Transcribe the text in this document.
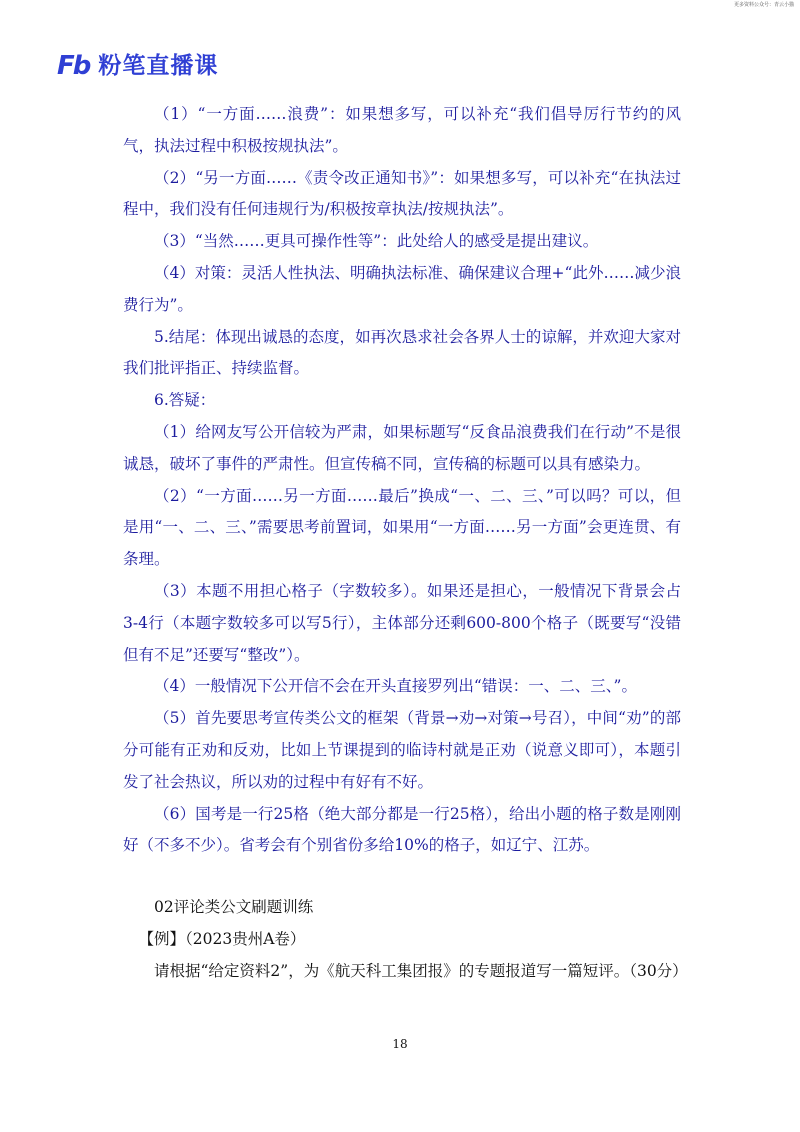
更多资料公众号：青云小猫
Fb 粉笔直播课

（1）“一方面……浪费”：如果想多写，可以补充“我们倡导厉行节约的风气，执法过程中积极按规执法”。

（2）“另一方面……《责令改正通知书》”：如果想多写，可以补充“在执法过程中，我们没有任何违规行为/积极按章执法/按规执法”。

（3）“当然……更具可操作性等”：此处给人的感受是提出建议。

（4）对策：灵活人性执法、明确执法标准、确保建议合理+“此外……减少浪费行为”。

5.结尾：体现出诚恳的态度，如再次恳求社会各界人士的谅解，并欢迎大家对我们批评指正、持续监督。

6.答疑：

（1）给网友写公开信较为严肃，如果标题写“反食品浪费我们在行动”不是很诚恳，破坏了事件的严肃性。但宣传稿不同，宣传稿的标题可以具有感染力。

（2）“一方面……另一方面……最后”换成“一、二、三、”可以吗？可以，但是用“一、二、三、”需要思考前置词，如果用“一方面……另一方面”会更连贯、有条理。

（3）本题不用担心格子（字数较多）。如果还是担心，一般情况下背景会占3-4行（本题字数较多可以写5行），主体部分还剩600-800个格子（既要写“没错但有不足”还要写“整改”）。

（4）一般情况下公开信不会在开头直接罗列出“错误：一、二、三、”。

（5）首先要思考宣传类公文的框架（背景→劝→对策→号召），中间“劝”的部分可能有正劝和反劝，比如上节课提到的临诗村就是正劝（说意义即可），本题引发了社会热议，所以劝的过程中有好有不好。

（6）国考是一行25格（绝大部分都是一行25格），给出小题的格子数是刚刚好（不多不少）。省考会有个别省份多给10%的格子，如辽宁、江苏。

02评论类公文刷题训练

【例】（2023贵州A卷）

请根据“给定资料2”，为《航天科工集团报》的专题报道写一篇短评。（30分）

18
